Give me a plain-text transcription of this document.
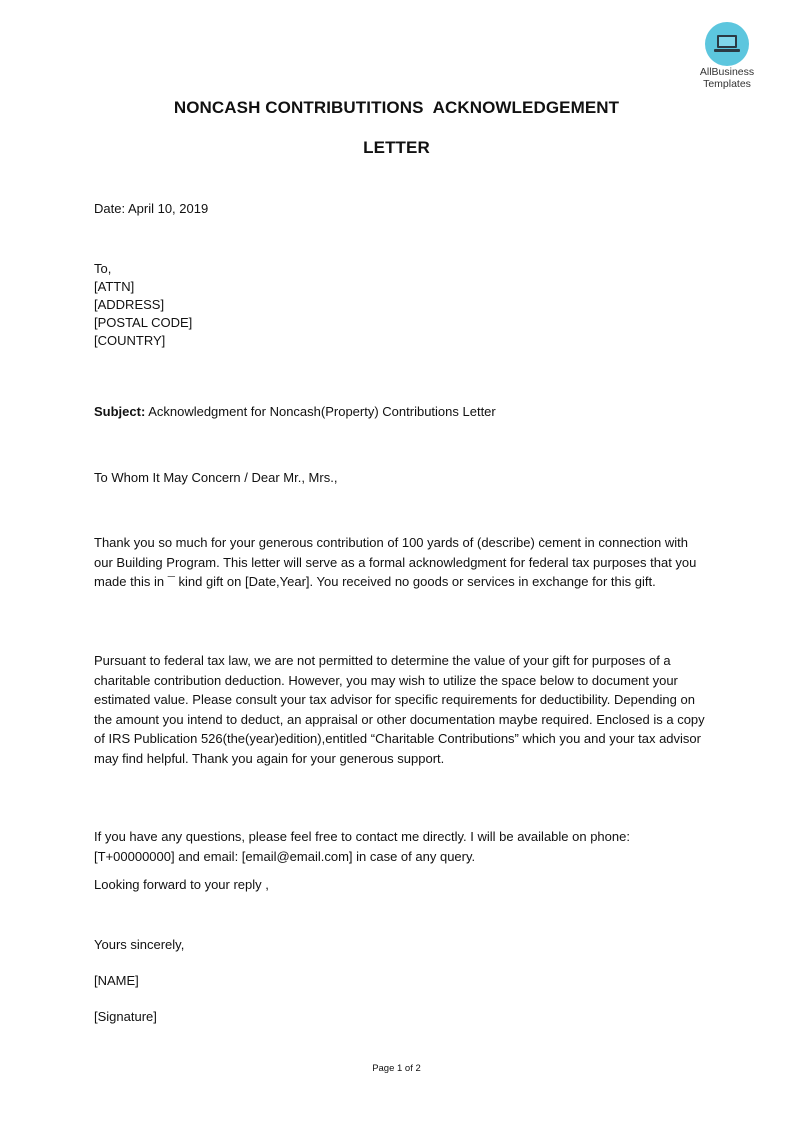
AllBusiness
Templates
NONCASH CONTRIBUTITIONS  ACKNOWLEDGEMENT
LETTER
Date: April 10, 2019
To,
[ATTN]
[ADDRESS]
[POSTAL CODE]
[COUNTRY]
Subject: Acknowledgment for Noncash(Property) Contributions Letter
To Whom It May Concern / Dear Mr., Mrs.,
Thank you so much for your generous contribution of 100 yards of (describe) cement in connection with our Building Program. This letter will serve as a formal acknowledgment for federal tax purposes that you made this in ¯ kind gift on [Date,Year]. You received no goods or services in exchange for this gift.
Pursuant to federal tax law, we are not permitted to determine the value of your gift for purposes of a charitable contribution deduction. However, you may wish to utilize the space below to document your estimated value. Please consult your tax advisor for specific requirements for deductibility. Depending on the amount you intend to deduct, an appraisal or other documentation maybe required. Enclosed is a copy of IRS Publication 526(the(year)edition),entitled “Charitable Contributions” which you and your tax advisor may find helpful. Thank you again for your generous support.
If you have any questions, please feel free to contact me directly. I will be available on phone: [T+00000000] and email: [email@email.com] in case of any query.
Looking forward to your reply ,
Yours sincerely,
[NAME]
[Signature]
Page 1 of 2
